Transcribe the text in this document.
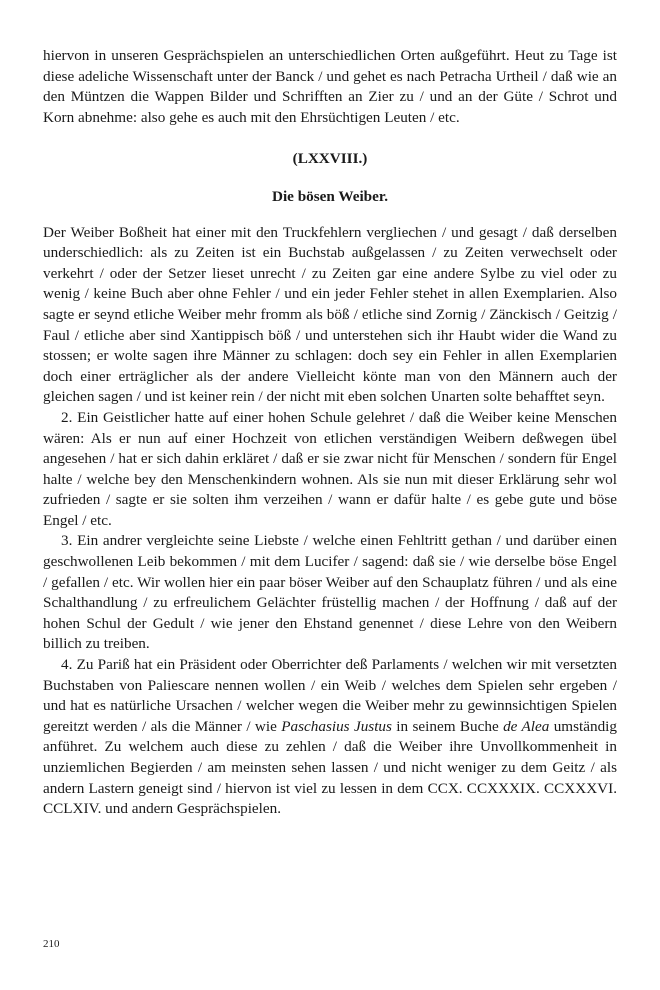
hiervon in unseren Gesprächspielen an unterschiedlichen Orten außgeführt. Heut zu Tage ist diese adeliche Wissenschaft unter der Banck / und gehet es nach Petracha Urtheil / daß wie an den Müntzen die Wappen Bilder und Schrifften an Zier zu / und an der Güte / Schrot und Korn abnehme: also gehe es auch mit den Ehrsüchtigen Leuten / etc.

(LXXVIII.)

Die bösen Weiber.

Der Weiber Boßheit hat einer mit den Truckfehlern vergliechen / und gesagt / daß derselben underschiedlich: als zu Zeiten ist ein Buchstab außgelassen / zu Zeiten verwechselt oder verkehrt / oder der Setzer lieset unrecht / zu Zeiten gar eine andere Sylbe zu viel oder zu wenig / keine Buch aber ohne Fehler / und ein jeder Fehler stehet in allen Exemplarien. Also sagte er seynd etliche Weiber mehr fromm als böß / etliche sind Zornig / Zänckisch / Geitzig / Faul / etliche aber sind Xantippisch böß / und unterstehen sich ihr Haubt wider die Wand zu stossen; er wolte sagen ihre Männer zu schlagen: doch sey ein Fehler in allen Exemplarien doch einer erträglicher als der andere Vielleicht könte man von den Männern auch der gleichen sagen / und ist keiner rein / der nicht mit eben solchen Unarten solte behafftet seyn.

2. Ein Geistlicher hatte auf einer hohen Schule gelehret / daß die Weiber keine Menschen wären: Als er nun auf einer Hochzeit von etlichen verständigen Weibern deßwegen übel angesehen / hat er sich dahin erkläret / daß er sie zwar nicht für Menschen / sondern für Engel halte / welche bey den Menschenkindern wohnen. Als sie nun mit dieser Erklärung sehr wol zufrieden / sagte er sie solten ihm verzeihen / wann er dafür halte / es gebe gute und böse Engel / etc.

3. Ein andrer vergleichte seine Liebste / welche einen Fehltritt gethan / und darüber einen geschwollenen Leib bekommen / mit dem Lucifer / sagend: daß sie / wie derselbe böse Engel / gefallen / etc. Wir wollen hier ein paar böser Weiber auf den Schauplatz führen / und als eine Schalthandlung / zu erfreulichem Gelächter früstellig machen / der Hoffnung / daß auf der hohen Schul der Gedult / wie jener den Ehstand genennet / diese Lehre von den Weibern billich zu treiben.

4. Zu Pariß hat ein Präsident oder Oberrichter deß Parlaments / welchen wir mit versetzten Buchstaben von Paliescare nennen wollen / ein Weib / welches dem Spielen sehr ergeben / und hat es natürliche Ursachen / welcher wegen die Weiber mehr zu gewinnsichtigen Spielen gereitzt werden / als die Männer / wie Paschasius Justus in seinem Buche de Alea umständig anführet. Zu welchem auch diese zu zehlen / daß die Weiber ihre Unvollkommenheit in unziemlichen Begierden / am meinsten sehen lassen / und nicht weniger zu dem Geitz / als andern Lastern geneigt sind / hiervon ist viel zu lessen in dem CCX. CCXXXIX. CCXXXVI. CCLXIV. und andern Gesprächspielen.

210
